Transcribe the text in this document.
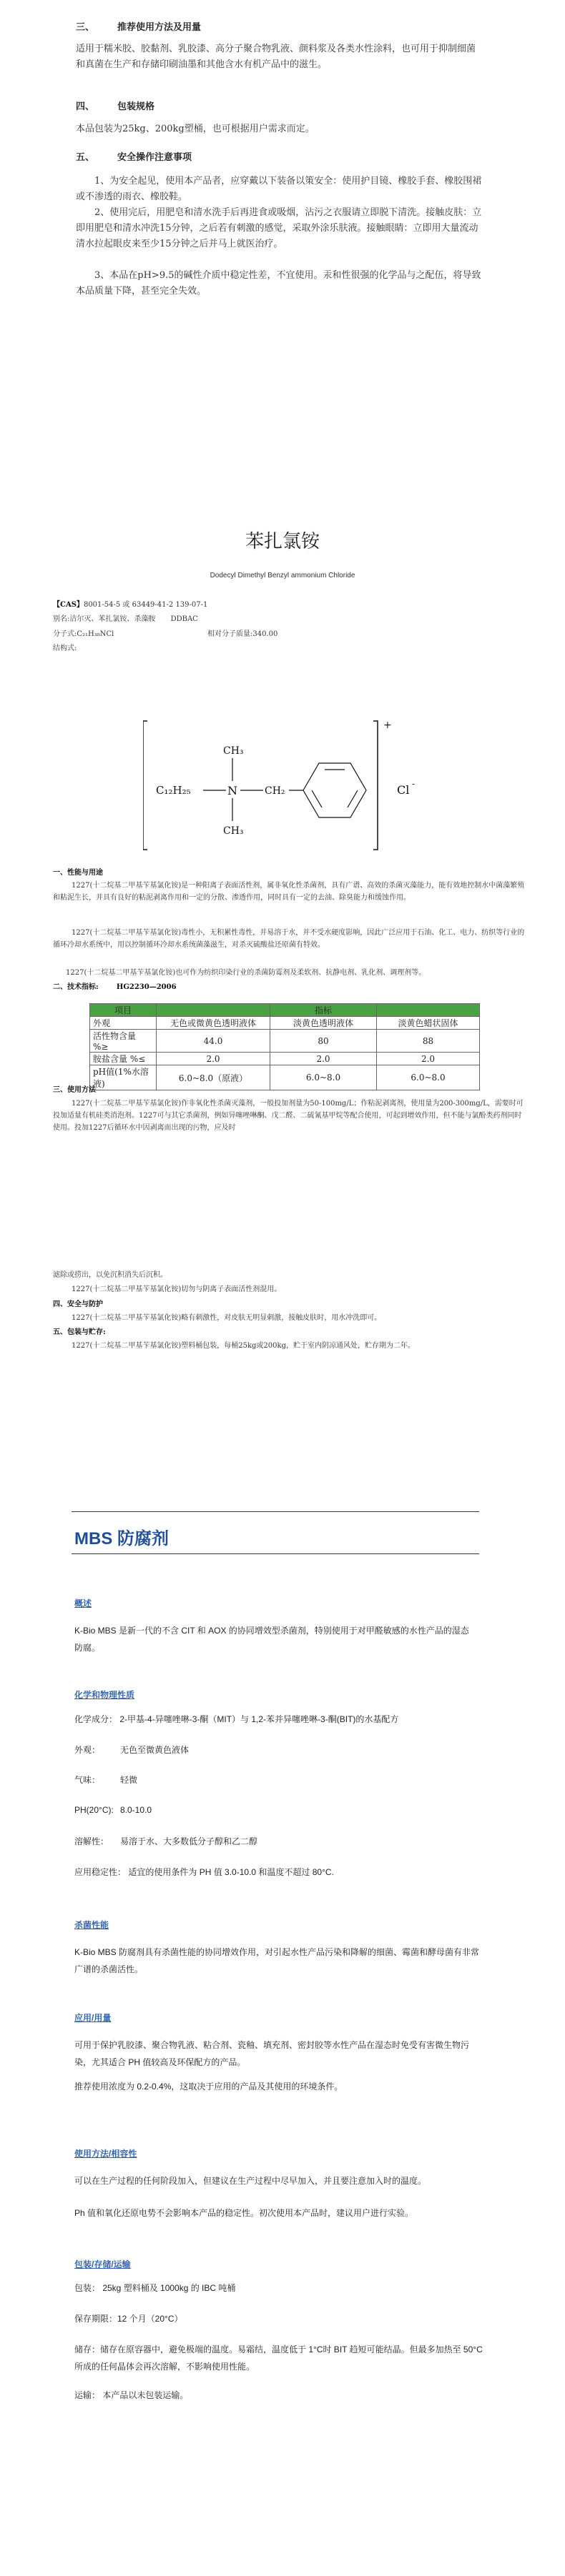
三、 推荐使用方法及用量
适用于糯米胶、胶黏剂、乳胶漆、高分子聚合物乳液、颜料浆及各类水性涂料，也可用于抑制细菌和真菌在生产和存储印刷油墨和其他含水有机产品中的滋生。
四、 包装规格
本品包装为25kg、200kg塑桶，也可根据用户需求而定。
五、 安全操作注意事项
1、为安全起见，使用本产品者，应穿戴以下装备以策安全：使用护目镜、橡胶手套、橡胶围裙或不渗透的雨衣、橡胶鞋。
2、使用完后，用肥皂和清水洗手后再进食或吸烟，沾污之衣服请立即脱下清洗。接触皮肤：立即用肥皂和清水冲洗15分钟，之后若有刺激的感觉，采取外涂乐肤液。接触眼睛：立即用大量流动清水拉起眼皮来至少15分钟之后并马上就医治疗。
3、本品在pH>9.5的碱性介质中稳定性差，不宜使用。汞和性很强的化学品与之配伍，将导致本品质量下降，甚至完全失效。
苯扎氯铵
Dodecyl Dimethyl Benzyl ammonium Chloride
【CAS】8001-54-5 或 63449-41-2 139-07-1
别名:洁尔灭、苯扎氯铵、杀藻胺 DDBAC
分子式:C₂₁H₃₈NCl	相对分子质量:340.00
结构式:
+
C₁₂H₂₅	N
CH₃
CH₃
CH₂	Cl -
一、性能与用途
1227(十二烷基二甲基苄基氯化铵)是一种阳离子表面活性剂，属非氧化性杀菌剂，具有广谱、高效的杀菌灭藻能力，能有效地控制水中菌藻繁殖和粘泥生长，并具有良好的粘泥剥离作用和一定的分散、渗透作用，同时具有一定的去油、除臭能力和缓蚀作用。
1227(十二烷基二甲基苄基氯化铵)毒性小，无积累性毒性，并易溶于水，并不受水硬度影响，因此广泛应用于石油、化工、电力、纺织等行业的循环冷却水系统中，用以控制循环冷却水系统菌藻滋生，对杀灭硫酸盐还原菌有特效。
1227(十二烷基二甲基苄基氯化铵)也可作为纺织印染行业的杀菌防霉剂及柔软剂、抗静电剂、乳化剂、调理剂等。
二、技术指标:	HG2230—2006
项目		指标	
外观	无色或微黄色透明液体	淡黄色透明液体	淡黄色蜡状固体
活性物含量 %≥	44.0	80	88
胺盐含量 %≤	2.0	2.0	2.0
pH值(1%水溶液)	6.0~8.0（原液）	6.0~8.0	6.0~8.0
三、使用方法
1227(十二烷基二甲基苄基氯化铵)作非氧化性杀菌灭藻剂，一般投加剂量为50-100mg/L；作粘泥剥离剂，使用量为200-300mg/L，需要时可投加适量有机硅类消泡剂。1227可与其它杀菌剂，例如异噻唑啉酮、戊二醛、二硫氰基甲烷等配合使用，可起到增效作用，但不能与氯酚类药剂同时使用。投加1227后循环水中因剥离而出现的污物，应及时
滤除或捞出，以免沉积消失后沉积。
1227(十二烷基二甲基苄基氯化铵)切勿与阴离子表面活性剂混用。
四、安全与防护
1227(十二烷基二甲基苄基氯化铵)略有刺激性，对皮肤无明显刺激，接触皮肤时，用水冲洗即可。
五、包装与贮存:
1227(十二烷基二甲基苄基氯化铵)塑料桶包装，每桶25kg或200kg，贮于室内阴凉通风处，贮存期为二年。
MBS 防腐剂
概述
K-Bio MBS 是新一代的不含 CIT 和 AOX 的协同增效型杀菌剂，特别使用于对甲醛敏感的水性产品的湿态防腐。
化学和物理性质
化学成分： 2-甲基-4-异噻唑啉-3-酮（MIT）与 1,2-苯并异噻唑啉-3-酮(BIT)的水基配方
外观： 无色至微黄色液体
气味： 轻微
PH(20°C): 8.0-10.0
溶解性： 易溶于水、大多数低分子醇和乙二醇
应用稳定性： 适宜的使用条件为 PH 值 3.0-10.0 和温度不超过 80°C.
杀菌性能
K-Bio MBS 防腐剂具有杀菌性能的协同增效作用，对引起水性产品污染和降解的细菌、霉菌和酵母菌有非常广谱的杀菌活性。
应用/用量
可用于保护乳胶漆、聚合物乳液、粘合剂、瓷釉、填充剂、密封胶等水性产品在湿态时免受有害微生物污染，尤其适合 PH 值较高及环保配方的产品。
推荐使用浓度为 0.2-0.4%，这取决于应用的产品及其使用的环境条件。
使用方法/相容性
可以在生产过程的任何阶段加入，但建议在生产过程中尽早加入，并且要注意加入时的温度。
Ph 值和氧化还原电势不会影响本产品的稳定性。初次使用本产品时，建议用户进行实验。
包装/存储/运输
包装： 25kg 塑料桶及 1000kg 的 IBC 吨桶
保存期限：12 个月（20°C）
储存：储存在原容器中，避免极端的温度。易霜结，温度低于 1°C时 BIT 趋短可能结晶。但最多加热至 50°C所成的任何晶体会再次溶解，不影响使用性能。
运输： 本产品以未包装运输。
